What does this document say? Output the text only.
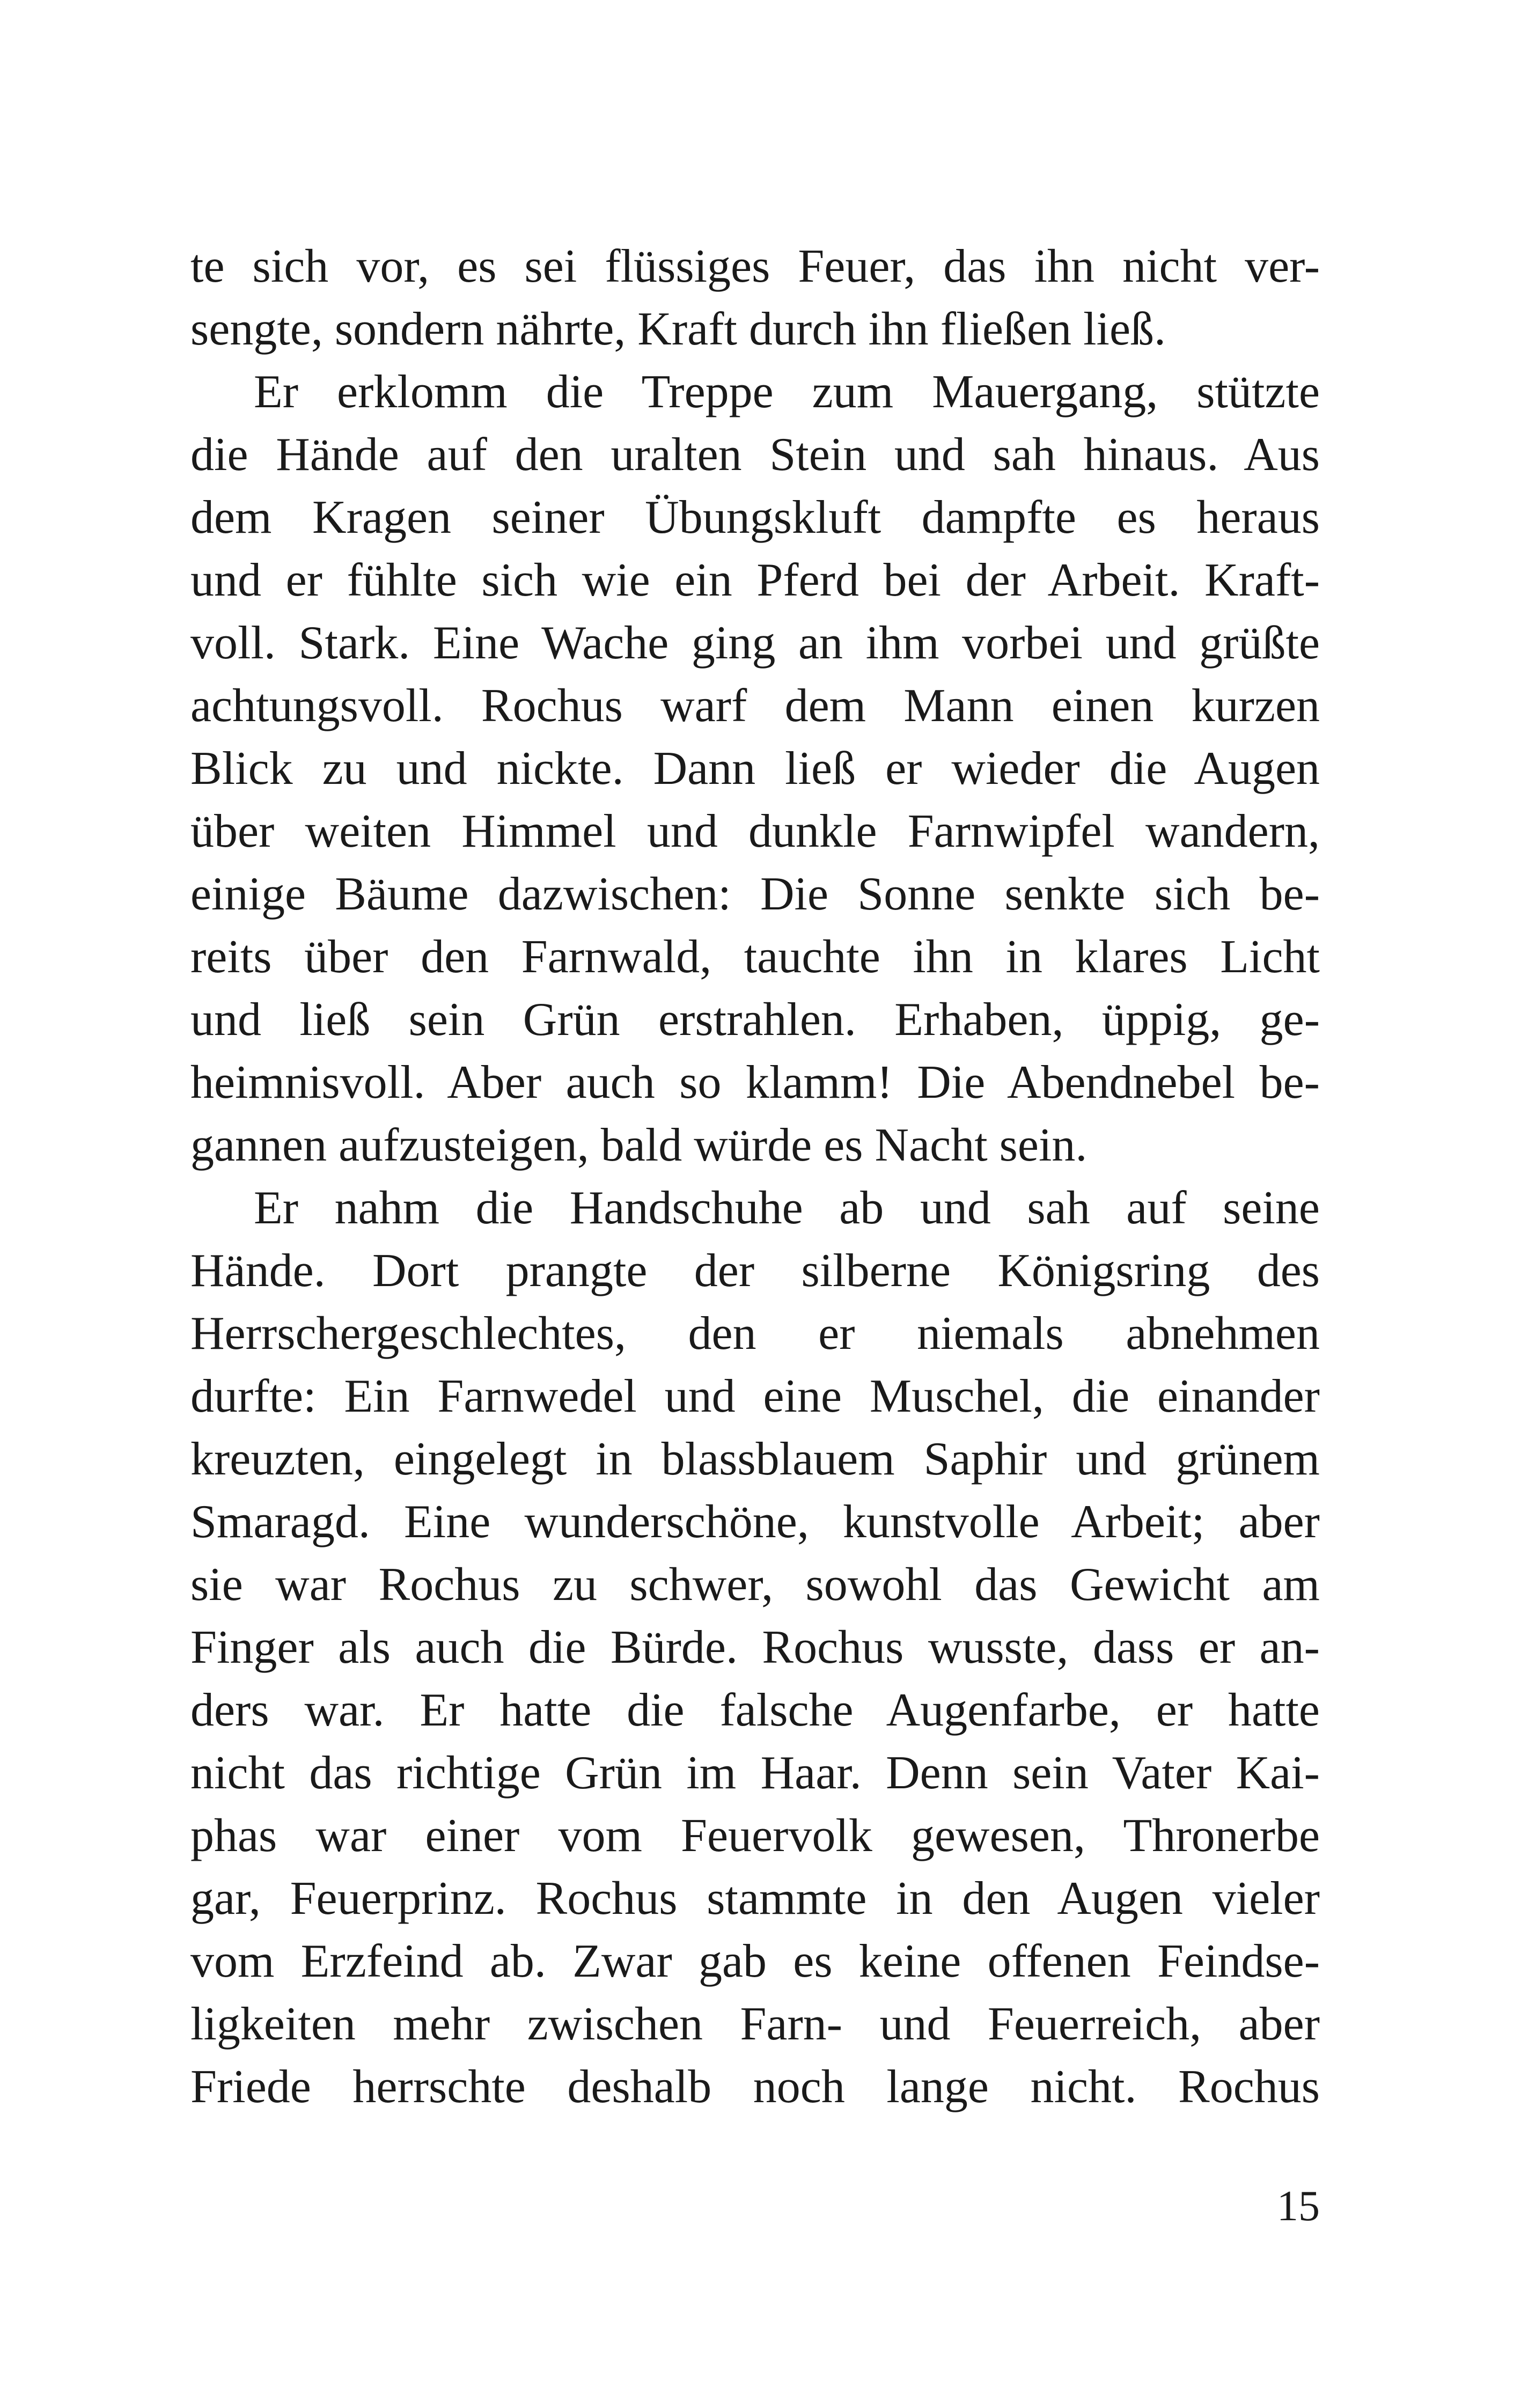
te sich vor, es sei flüssiges Feuer, das ihn nicht ver-
sengte, sondern nährte, Kraft durch ihn fließen ließ.
Er erklomm die Treppe zum Mauergang, stützte
die Hände auf den uralten Stein und sah hinaus. Aus
dem Kragen seiner Übungskluft dampfte es heraus
und er fühlte sich wie ein Pferd bei der Arbeit. Kraft-
voll. Stark. Eine Wache ging an ihm vorbei und grüßte
achtungsvoll. Rochus warf dem Mann einen kurzen
Blick zu und nickte. Dann ließ er wieder die Augen
über weiten Himmel und dunkle Farnwipfel wandern,
einige Bäume dazwischen: Die Sonne senkte sich be-
reits über den Farnwald, tauchte ihn in klares Licht
und ließ sein Grün erstrahlen. Erhaben, üppig, ge-
heimnisvoll. Aber auch so klamm! Die Abendnebel be-
gannen aufzusteigen, bald würde es Nacht sein.
Er nahm die Handschuhe ab und sah auf seine
Hände. Dort prangte der silberne Königsring des
Herrschergeschlechtes, den er niemals abnehmen
durfte: Ein Farnwedel und eine Muschel, die einander
kreuzten, eingelegt in blassblauem Saphir und grünem
Smaragd. Eine wunderschöne, kunstvolle Arbeit; aber
sie war Rochus zu schwer, sowohl das Gewicht am
Finger als auch die Bürde. Rochus wusste, dass er an-
ders war. Er hatte die falsche Augenfarbe, er hatte
nicht das richtige Grün im Haar. Denn sein Vater Kai-
phas war einer vom Feuervolk gewesen, Thronerbe
gar, Feuerprinz. Rochus stammte in den Augen vieler
vom Erzfeind ab. Zwar gab es keine offenen Feindse-
ligkeiten mehr zwischen Farn- und Feuerreich, aber
Friede herrschte deshalb noch lange nicht. Rochus
15
